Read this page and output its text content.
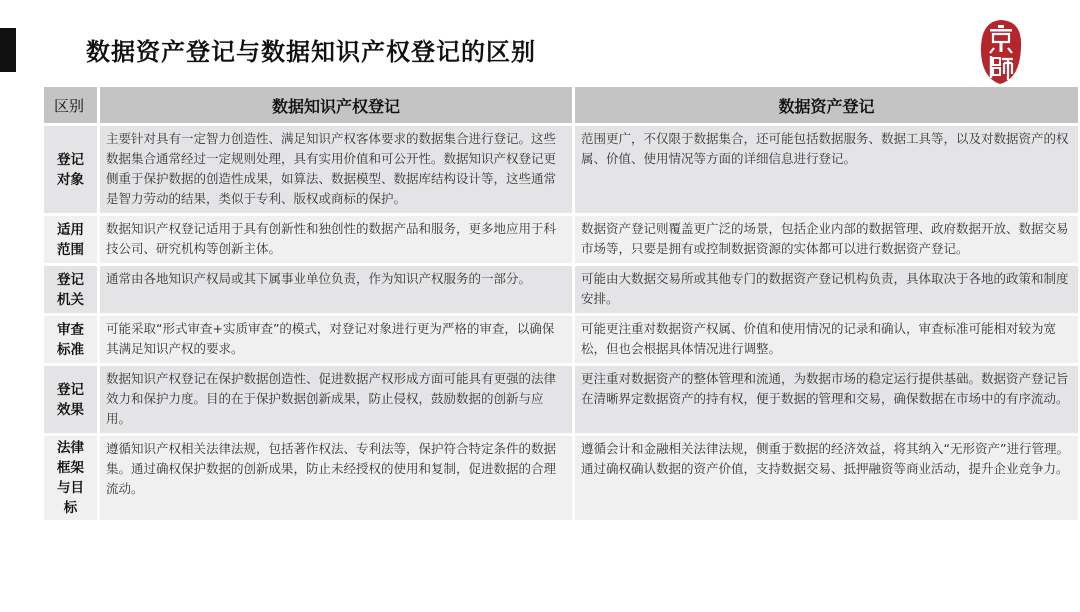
数据资产登记与数据知识产权登记的区别
区别	数据知识产权登记	数据资产登记
登记对象	主要针对具有一定智力创造性、满足知识产权客体要求的数据集合进行登记。这些数据集合通常经过一定规则处理，具有实用价值和可公开性。数据知识产权登记更侧重于保护数据的创造性成果，如算法、数据模型、数据库结构设计等，这些通常是智力劳动的结果，类似于专利、版权或商标的保护。	范围更广，不仅限于数据集合，还可能包括数据服务、数据工具等，以及对数据资产的权属、价值、使用情况等方面的详细信息进行登记。
适用范围	数据知识产权登记适用于具有创新性和独创性的数据产品和服务，更多地应用于科技公司、研究机构等创新主体。	数据资产登记则覆盖更广泛的场景，包括企业内部的数据管理、政府数据开放、数据交易市场等，只要是拥有或控制数据资源的实体都可以进行数据资产登记。
登记机关	通常由各地知识产权局或其下属事业单位负责，作为知识产权服务的一部分。	可能由大数据交易所或其他专门的数据资产登记机构负责，具体取决于各地的政策和制度安排。
审查标准	可能采取“形式审查+实质审查”的模式，对登记对象进行更为严格的审查，以确保其满足知识产权的要求。	可能更注重对数据资产权属、价值和使用情况的记录和确认，审查标准可能相对较为宽松，但也会根据具体情况进行调整。
登记效果	数据知识产权登记在保护数据创造性、促进数据产权形成方面可能具有更强的法律效力和保护力度。目的在于保护数据创新成果，防止侵权，鼓励数据的创新与应用。	更注重对数据资产的整体管理和流通，为数据市场的稳定运行提供基础。数据资产登记旨在清晰界定数据资产的持有权，便于数据的管理和交易，确保数据在市场中的有序流动。
法律框架与目标	遵循知识产权相关法律法规，包括著作权法、专利法等，保护符合特定条件的数据集。通过确权保护数据的创新成果，防止未经授权的使用和复制，促进数据的合理流动。	遵循会计和金融相关法律法规，侧重于数据的经济效益，将其纳入“无形资产”进行管理。通过确权确认数据的资产价值，支持数据交易、抵押融资等商业活动，提升企业竞争力。
